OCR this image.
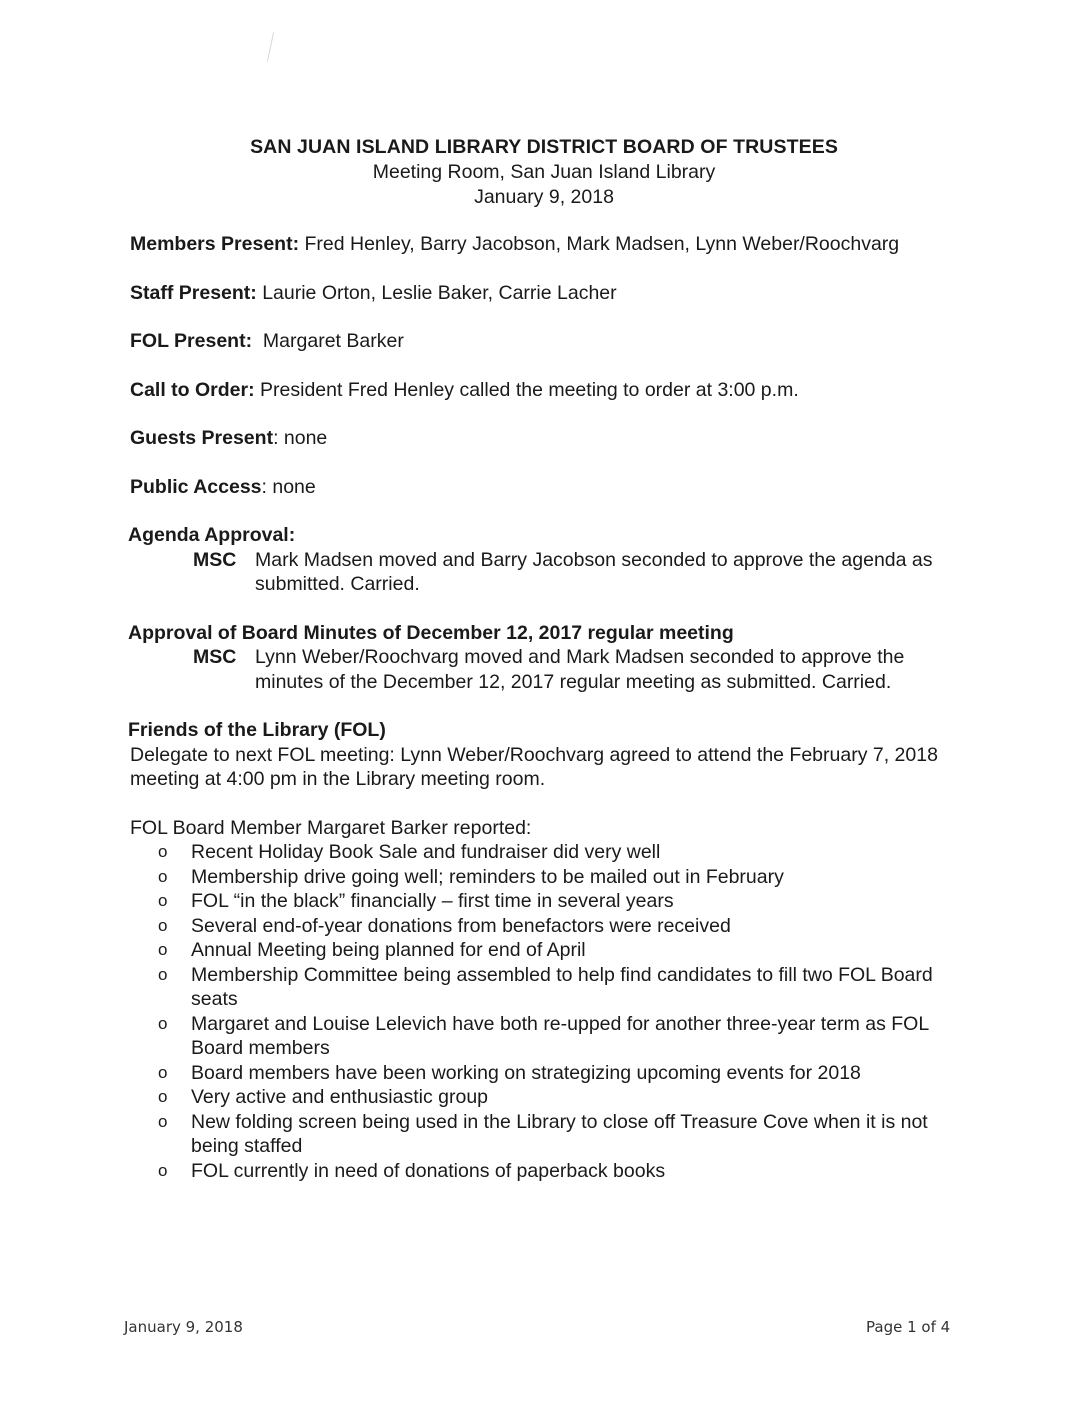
SAN JUAN ISLAND LIBRARY DISTRICT BOARD OF TRUSTEES
Meeting Room, San Juan Island Library
January 9, 2018

Members Present: Fred Henley, Barry Jacobson, Mark Madsen, Lynn Weber/Roochvarg

Staff Present: Laurie Orton, Leslie Baker, Carrie Lacher

FOL Present:  Margaret Barker

Call to Order: President Fred Henley called the meeting to order at 3:00 p.m.

Guests Present: none

Public Access: none

Agenda Approval:

MSC Mark Madsen moved and Barry Jacobson seconded to approve the agenda as submitted. Carried.

Approval of Board Minutes of December 12, 2017 regular meeting

MSC Lynn Weber/Roochvarg moved and Mark Madsen seconded to approve the minutes of the December 12, 2017 regular meeting as submitted. Carried.

Friends of the Library (FOL)

Delegate to next FOL meeting: Lynn Weber/Roochvarg agreed to attend the February 7, 2018 meeting at 4:00 pm in the Library meeting room.

FOL Board Member Margaret Barker reported:

o	Recent Holiday Book Sale and fundraiser did very well
o	Membership drive going well; reminders to be mailed out in February
o	FOL “in the black” financially – first time in several years
o	Several end-of-year donations from benefactors were received
o	Annual Meeting being planned for end of April
o	Membership Committee being assembled to help find candidates to fill two FOL Board seats
o	Margaret and Louise Lelevich have both re-upped for another three-year term as FOL Board members
o	Board members have been working on strategizing upcoming events for 2018
o	Very active and enthusiastic group
o	New folding screen being used in the Library to close off Treasure Cove when it is not being staffed
o	FOL currently in need of donations of paperback books
January 9, 2018	Page 1 of 4
